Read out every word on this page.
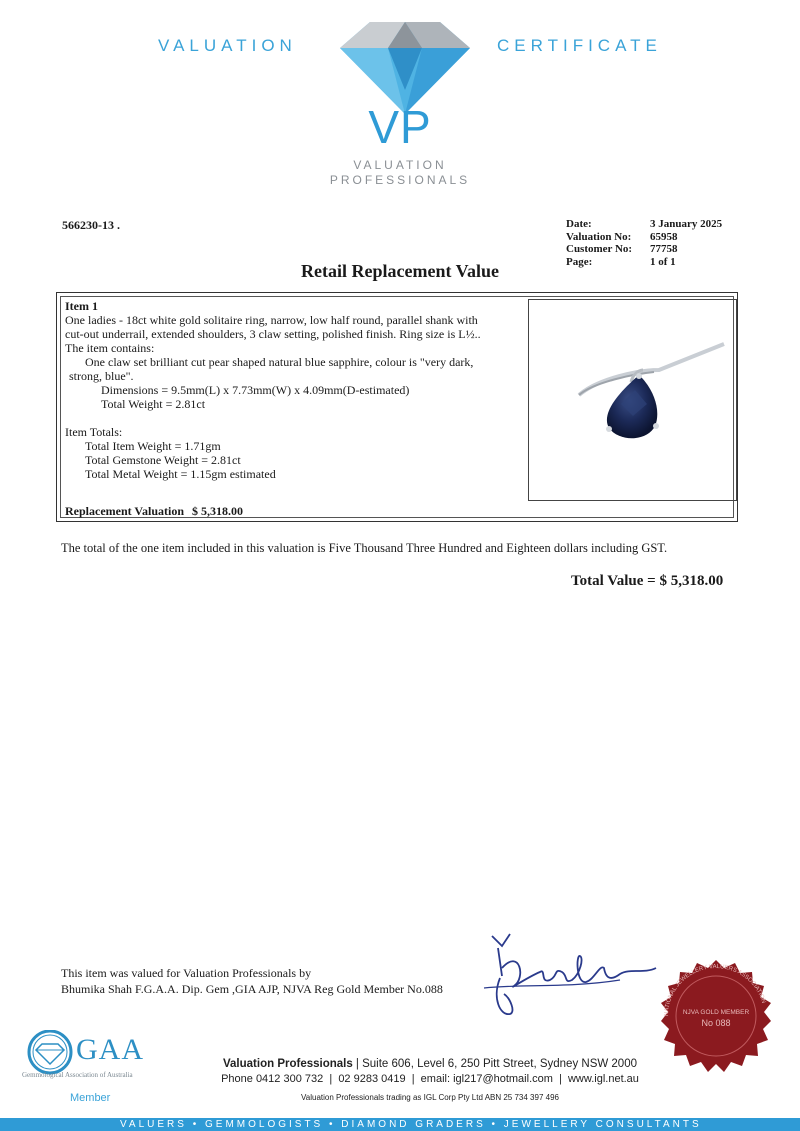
VALUATION	CERTIFICATE
VP
VALUATION
PROFESSIONALS
566230-13 .	Date:	3 January 2025
Valuation No:	65958
Customer No:	77758
Page:	1 of 1
Retail Replacement Value
Item 1
One ladies - 18ct white gold solitaire ring, narrow, low half round, parallel shank with
cut-out underrail, extended shoulders, 3 claw setting, polished finish. Ring size is L½..
The item contains:
One claw set brilliant cut pear shaped natural blue sapphire, colour is "very dark,
strong, blue".
Dimensions = 9.5mm(L) x 7.73mm(W) x 4.09mm(D-estimated)
Total Weight = 2.81ct
Item Totals:
Total Item Weight = 1.71gm
Total Gemstone Weight = 2.81ct
Total Metal Weight = 1.15gm estimated
Replacement Valuation $ 5,318.00
The total of the one item included in this valuation is Five Thousand Three Hundred and Eighteen dollars including GST.
Total Value = $ 5,318.00
This item was valued for Valuation Professionals by
Bhumika Shah F.G.A.A. Dip. Gem ,GIA AJP, NJVA Reg Gold Member No.088
NATIONAL JEWELLERY VALUERS ASSOCIATION
NJVA GOLD MEMBER
No 088
GAA
Gemmological Association of Australia
Member
Valuation Professionals | Suite 606, Level 6, 250 Pitt Street, Sydney NSW 2000
Phone 0412 300 732  |  02 9283 0419  |  email: igl217@hotmail.com  |  www.igl.net.au
Valuation Professionals trading as IGL Corp Pty Ltd ABN 25 734 397 496
VALUERS • GEMMOLOGISTS • DIAMOND GRADERS • JEWELLERY CONSULTANTS
